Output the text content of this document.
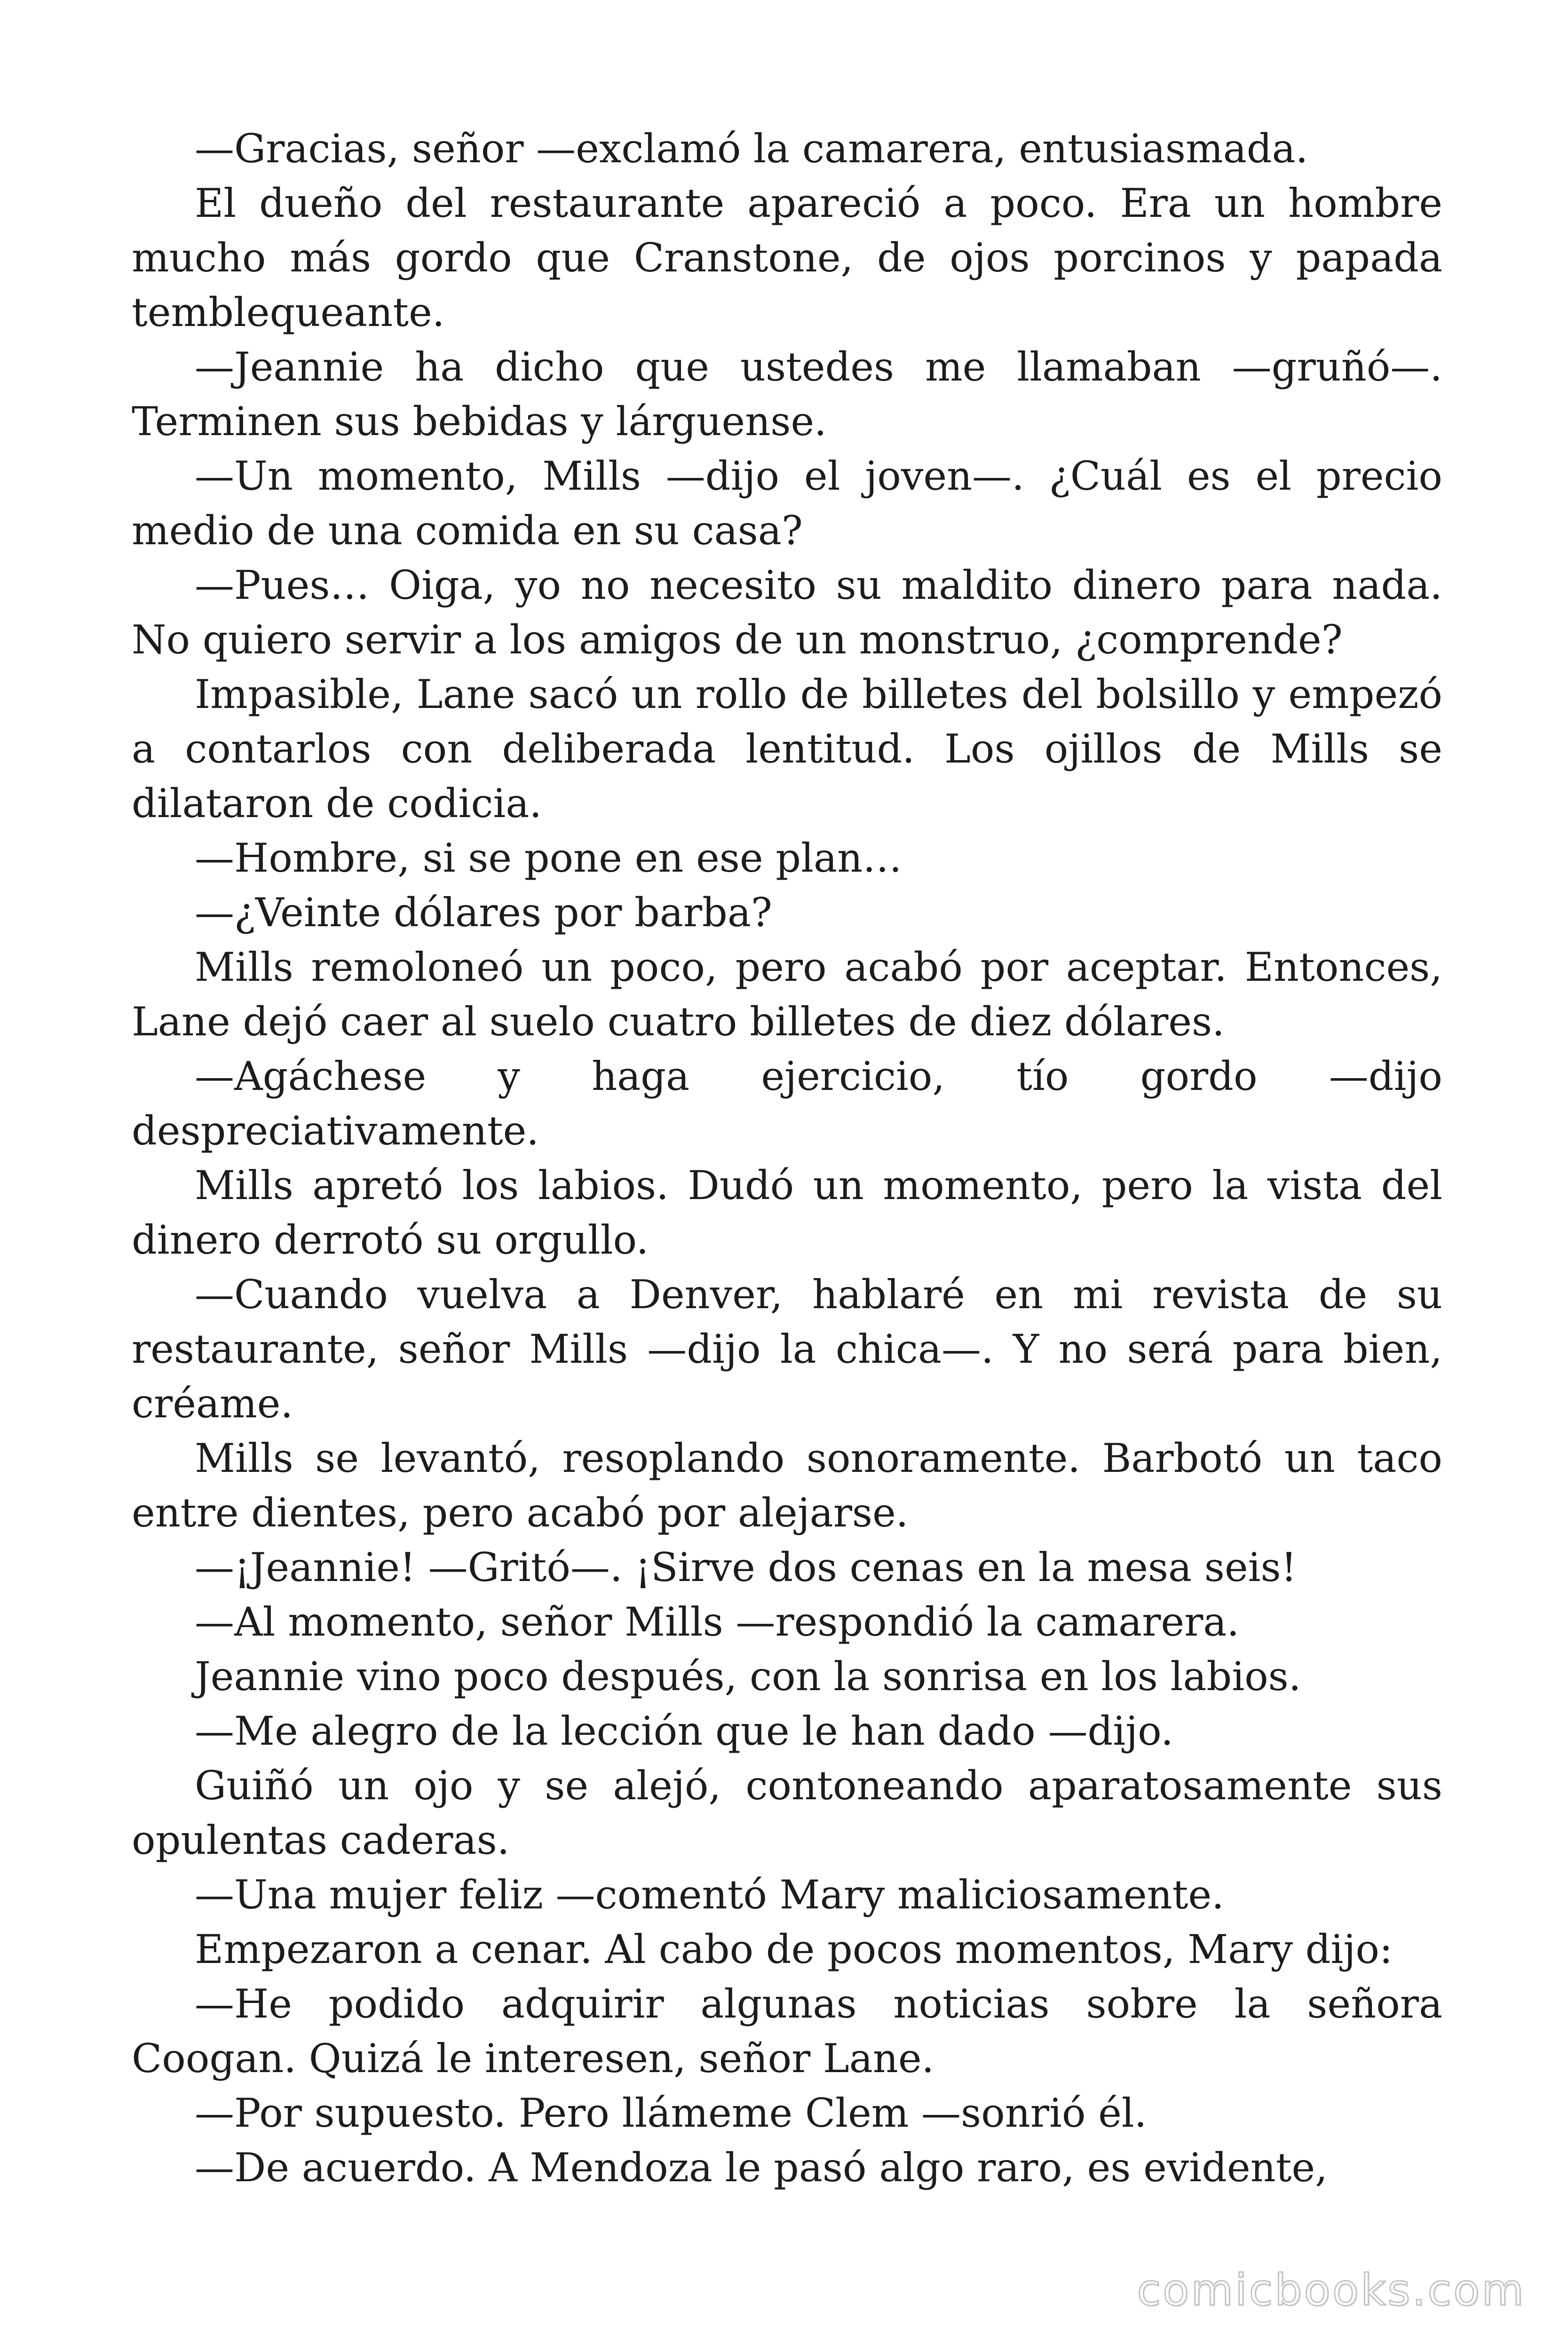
—Gracias, señor —exclamó la camarera, entusiasmada.

El dueño del restaurante apareció a poco. Era un hombre mucho más gordo que Cranstone, de ojos porcinos y papada temblequeante.

—Jeannie ha dicho que ustedes me llamaban —gruñó—. Terminen sus bebidas y lárguense.

—Un momento, Mills —dijo el joven—. ¿Cuál es el precio medio de una comida en su casa?

—Pues… Oiga, yo no necesito su maldito dinero para nada. No quiero servir a los amigos de un monstruo, ¿comprende?

Impasible, Lane sacó un rollo de billetes del bolsillo y empezó a contarlos con deliberada lentitud. Los ojillos de Mills se dilataron de codicia.

—Hombre, si se pone en ese plan…

—¿Veinte dólares por barba?

Mills remoloneó un poco, pero acabó por aceptar. Entonces, Lane dejó caer al suelo cuatro billetes de diez dólares.

—Agáchese y haga ejercicio, tío gordo —dijo despreciativamente.

Mills apretó los labios. Dudó un momento, pero la vista del dinero derrotó su orgullo.

—Cuando vuelva a Denver, hablaré en mi revista de su restaurante, señor Mills —dijo la chica—. Y no será para bien, créame.

Mills se levantó, resoplando sonoramente. Barbotó un taco entre dientes, pero acabó por alejarse.

—¡Jeannie! —Gritó—. ¡Sirve dos cenas en la mesa seis!

—Al momento, señor Mills —respondió la camarera.

Jeannie vino poco después, con la sonrisa en los labios.

—Me alegro de la lección que le han dado —dijo.

Guiñó un ojo y se alejó, contoneando aparatosamente sus opulentas caderas.

—Una mujer feliz —comentó Mary maliciosamente.

Empezaron a cenar. Al cabo de pocos momentos, Mary dijo:

—He podido adquirir algunas noticias sobre la señora Coogan. Quizá le interesen, señor Lane.

—Por supuesto. Pero llámeme Clem —sonrió él.

—De acuerdo. A Mendoza le pasó algo raro, es evidente,

comicbooks.com
